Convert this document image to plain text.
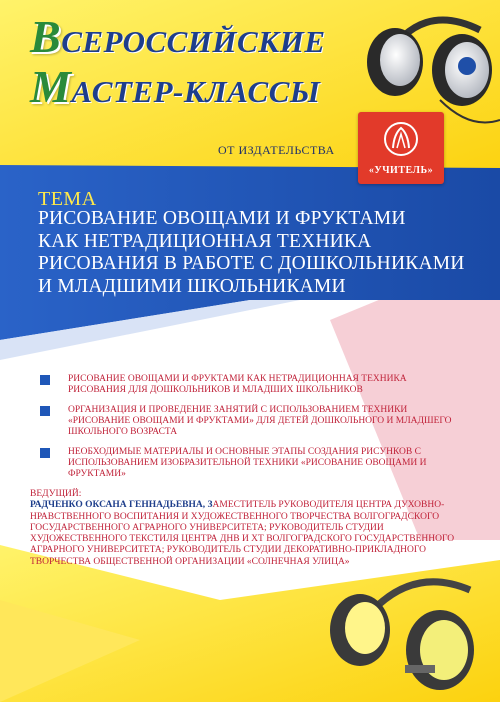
ВСЕРОССИЙСКИЕ
МАСТЕР-КЛАССЫ
ОТ ИЗДАТЕЛЬСТВА
«УЧИТЕЛЬ»
ТЕМА
РИСОВАНИЕ ОВОЩАМИ И ФРУКТАМИ
КАК НЕТРАДИЦИОННАЯ ТЕХНИКА
РИСОВАНИЯ В РАБОТЕ С ДОШКОЛЬНИКАМИ
И МЛАДШИМИ ШКОЛЬНИКАМИ
РИСОВАНИЕ ОВОЩАМИ И ФРУКТАМИ КАК НЕТРАДИЦИОННАЯ ТЕХНИКА РИСОВАНИЯ ДЛЯ ДОШКОЛЬНИКОВ И МЛАДШИХ ШКОЛЬНИКОВ
ОРГАНИЗАЦИЯ И ПРОВЕДЕНИЕ ЗАНЯТИЙ С ИСПОЛЬЗОВАНИЕМ ТЕХНИКИ «РИСОВАНИЕ ОВОЩАМИ И ФРУКТАМИ» ДЛЯ ДЕТЕЙ ДОШКОЛЬНОГО И МЛАДШЕГО ШКОЛЬНОГО ВОЗРАСТА
НЕОБХОДИМЫЕ МАТЕРИАЛЫ И ОСНОВНЫЕ ЭТАПЫ СОЗДАНИЯ РИСУНКОВ С ИСПОЛЬЗОВАНИЕМ ИЗОБРАЗИТЕЛЬНОЙ ТЕХНИКИ «РИСОВАНИЕ ОВОЩАМИ И ФРУКТАМИ»
ВЕДУЩИЙ:
РАДЧЕНКО ОКСАНА ГЕННАДЬЕВНА, ЗАМЕСТИТЕЛЬ РУКОВОДИТЕЛЯ ЦЕНТРА ДУХОВНО-НРАВСТВЕННОГО ВОСПИТАНИЯ И ХУДОЖЕСТВЕННОГО ТВОРЧЕСТВА ВОЛГОГРАДСКОГО ГОСУДАРСТВЕННОГО АГРАРНОГО УНИВЕРСИТЕТА; РУКОВОДИТЕЛЬ СТУДИИ ХУДОЖЕСТВЕННОГО ТЕКСТИЛЯ ЦЕНТРА ДНВ И ХТ ВОЛГОГРАДСКОГО ГОСУДАРСТВЕННОГО АГРАРНОГО УНИВЕРСИТЕТА; РУКОВОДИТЕЛЬ СТУДИИ ДЕКОРАТИВНО-ПРИКЛАДНОГО ТВОРЧЕСТВА ОБЩЕСТВЕННОЙ ОРГАНИЗАЦИИ «СОЛНЕЧНАЯ УЛИЦА»
